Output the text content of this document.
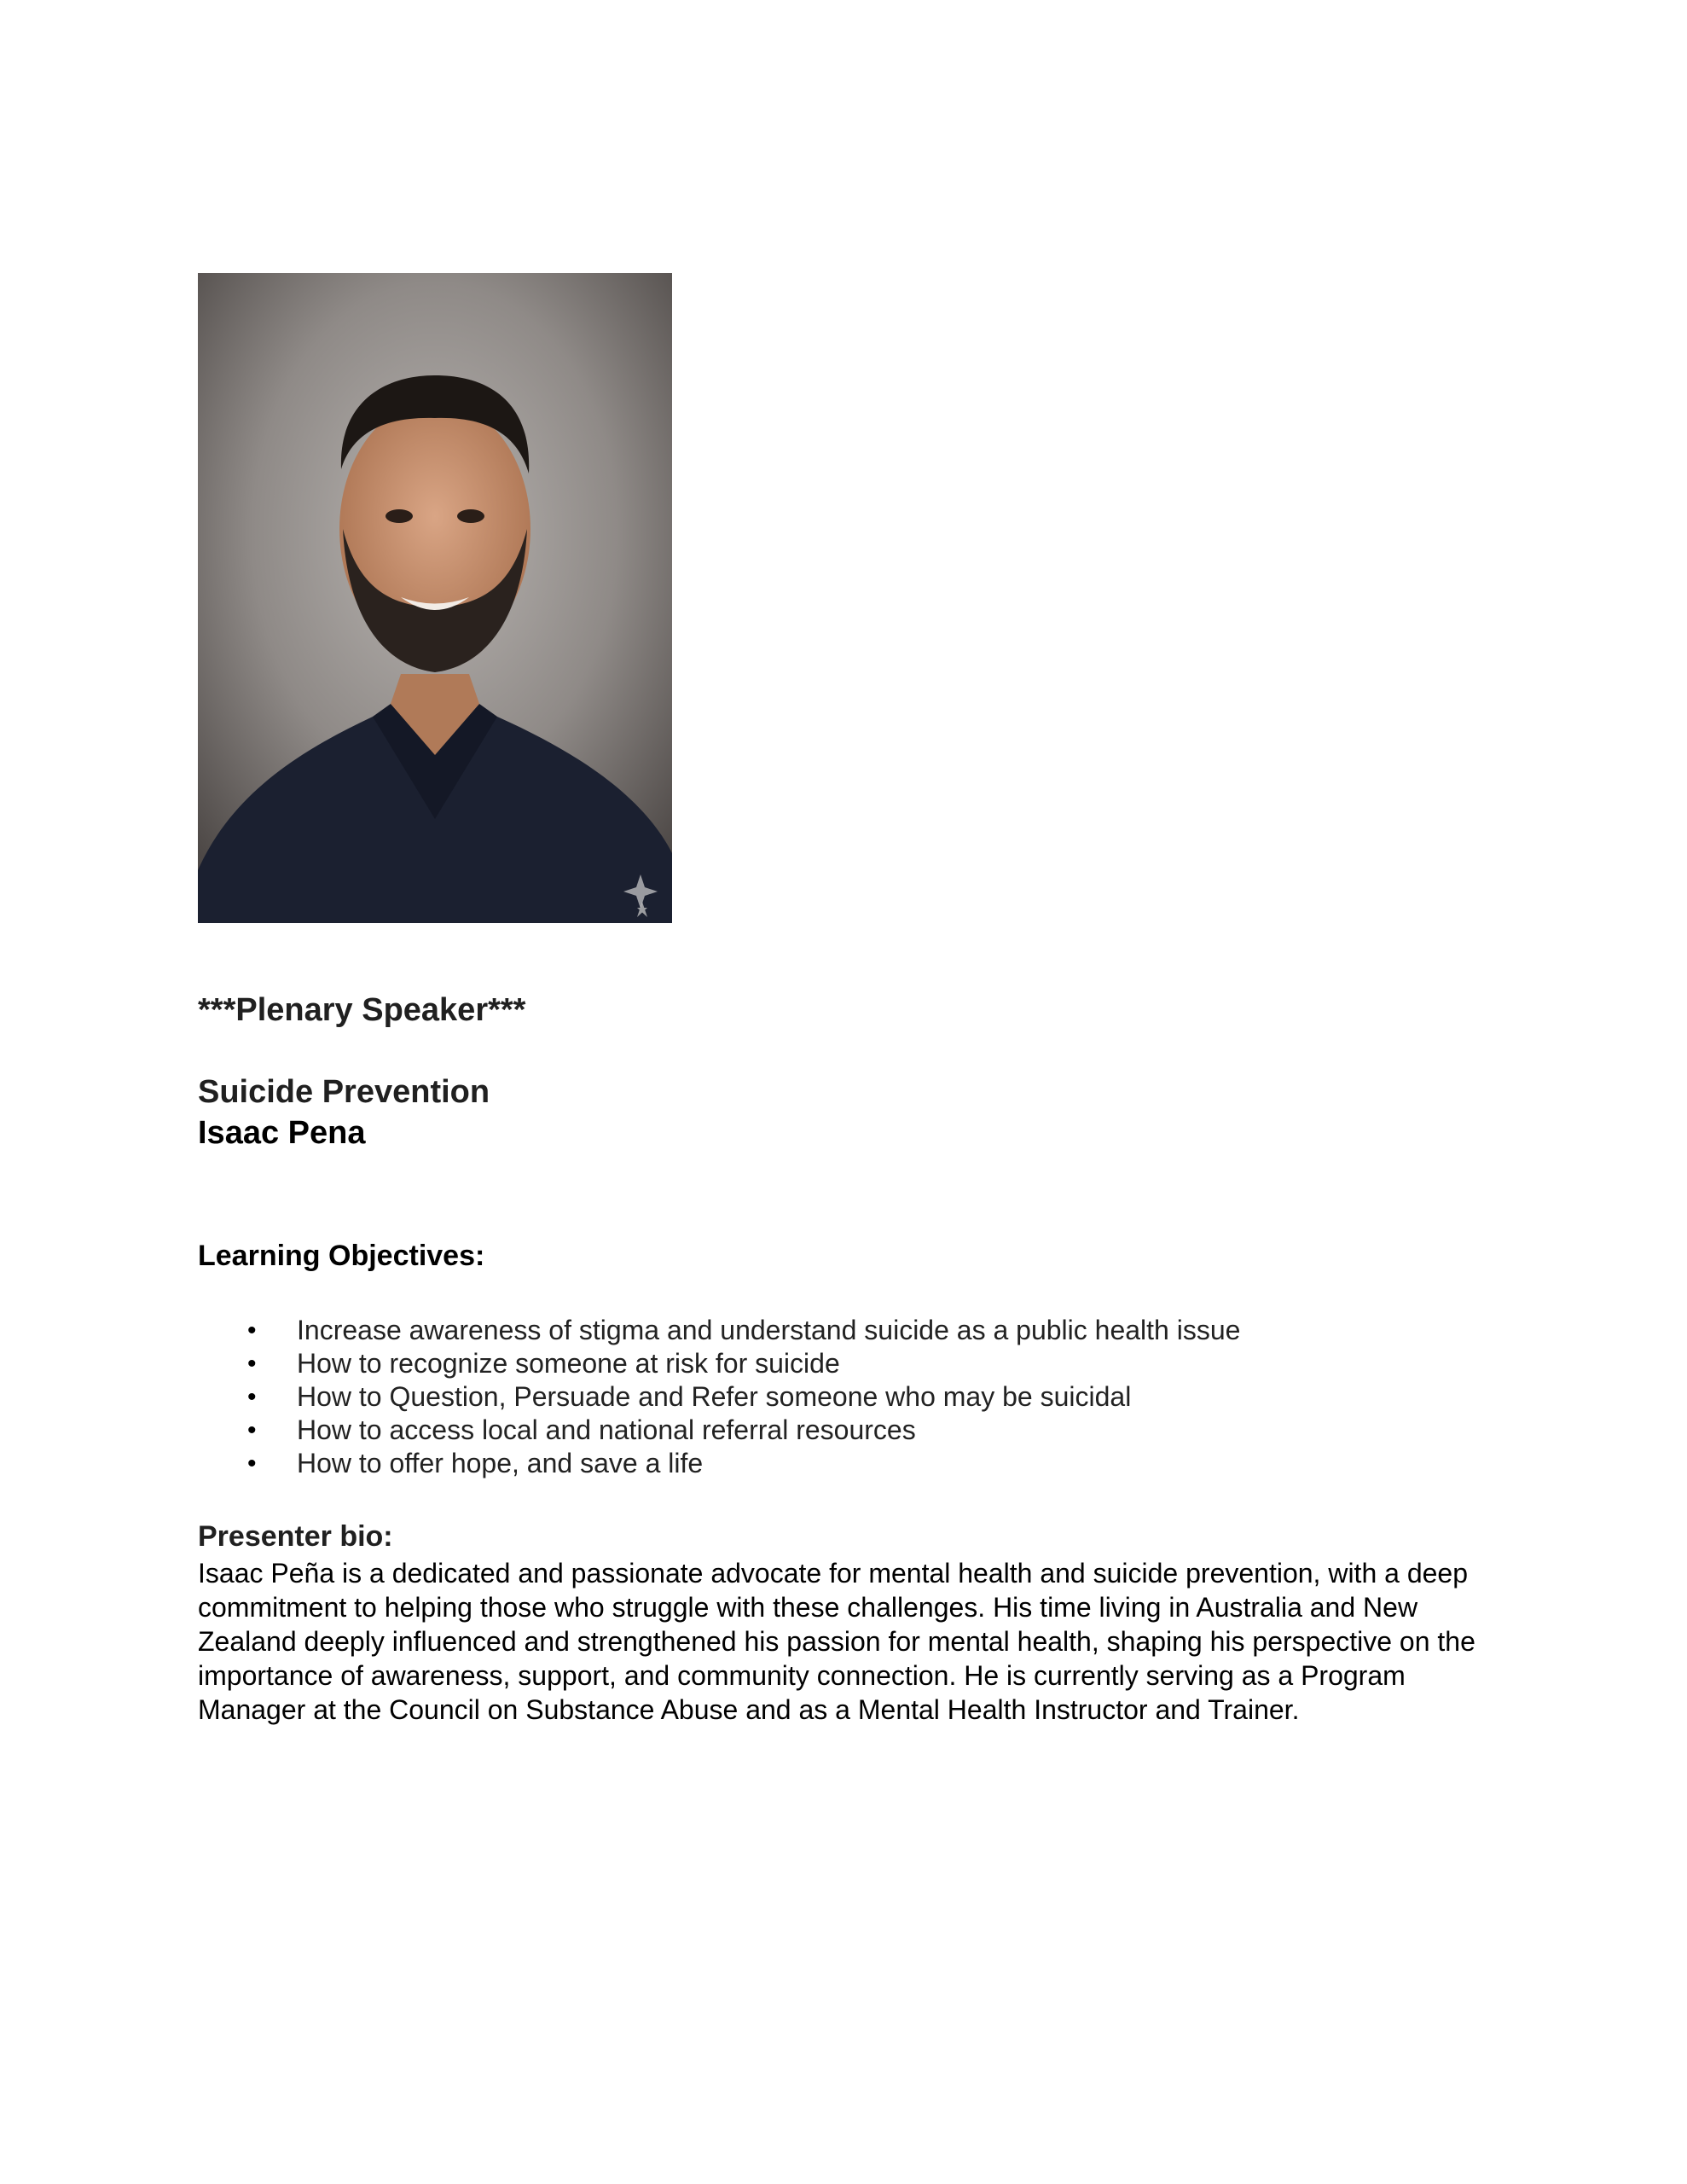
***Plenary Speaker***
Suicide Prevention
Isaac Pena
Learning Objectives:
• Increase awareness of stigma and understand suicide as a public health issue
• How to recognize someone at risk for suicide
• How to Question, Persuade and Refer someone who may be suicidal
• How to access local and national referral resources
• How to offer hope, and save a life
Presenter bio:

Isaac Peña is a dedicated and passionate advocate for mental health and suicide prevention, with a deep commitment to helping those who struggle with these challenges. His time living in Australia and New Zealand deeply influenced and strengthened his passion for mental health, shaping his perspective on the importance of awareness, support, and community connection. He is currently serving as a Program Manager at the Council on Substance Abuse and as a Mental Health Instructor and Trainer.
